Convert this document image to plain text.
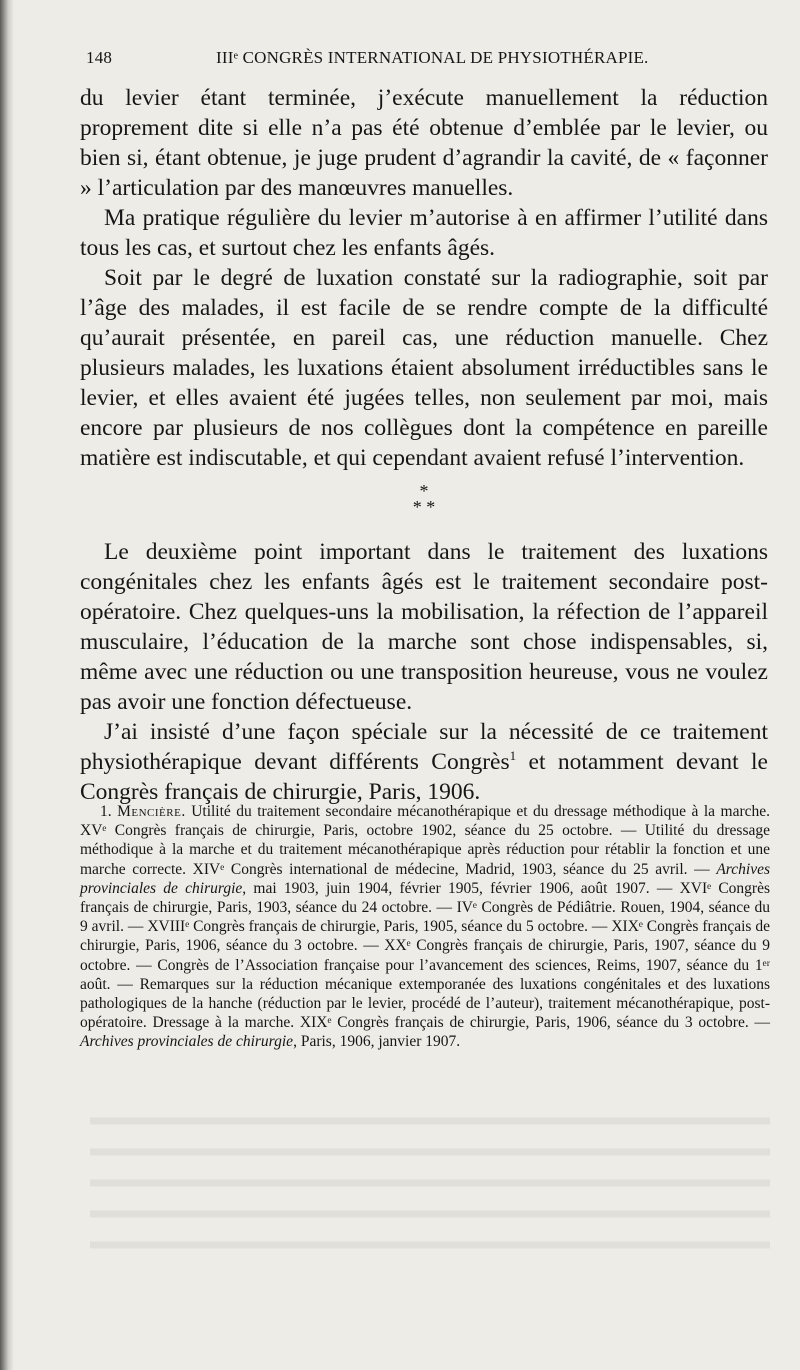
148	IIIᵉ CONGRÈS INTERNATIONAL DE PHYSIOTHÉRAPIE.

du levier étant terminée, j’exécute manuellement la réduction proprement dite si elle n’a pas été obtenue d’emblée par le levier, ou bien si, étant obtenue, je juge prudent d’agrandir la cavité, de « façonner » l’articulation par des manœuvres manuelles.

Ma pratique régulière du levier m’autorise à en affirmer l’utilité dans tous les cas, et surtout chez les enfants âgés.

Soit par le degré de luxation constaté sur la radiographie, soit par l’âge des malades, il est facile de se rendre compte de la difficulté qu’aurait présentée, en pareil cas, une réduction manuelle. Chez plusieurs malades, les luxations étaient absolument irréductibles sans le levier, et elles avaient été jugées telles, non seulement par moi, mais encore par plusieurs de nos collègues dont la compétence en pareille matière est indiscutable, et qui cependant avaient refusé l’intervention.

*
* *

Le deuxième point important dans le traitement des luxations congénitales chez les enfants âgés est le traitement secondaire post-opératoire. Chez quelques-uns la mobilisation, la réfection de l’appareil musculaire, l’éducation de la marche sont chose indispensables, si, même avec une réduction ou une transposition heureuse, vous ne voulez pas avoir une fonction défectueuse.

J’ai insisté d’une façon spéciale sur la nécessité de ce traitement physiothérapique devant différents Congrès$^1$ et notamment devant le Congrès français de chirurgie, Paris, 1906.

1. Mencière. Utilité du traitement secondaire mécanothérapique et du dressage méthodique à la marche. XVᵉ Congrès français de chirurgie, Paris, octobre 1902, séance du 25 octobre. — Utilité du dressage méthodique à la marche et du traitement mécanothérapique après réduction pour rétablir la fonction et une marche correcte. XIVᵉ Congrès international de médecine, Madrid, 1903, séance du 25 avril. — Archives provinciales de chirurgie, mai 1903, juin 1904, février 1905, février 1906, août 1907. — XVIᵉ Congrès français de chirurgie, Paris, 1903, séance du 24 octobre. — IVᵉ Congrès de Pédiâtrie. Rouen, 1904, séance du 9 avril. — XVIIIᵉ Congrès français de chirurgie, Paris, 1905, séance du 5 octobre. — XIXᵉ Congrès français de chirurgie, Paris, 1906, séance du 3 octobre. — XXᵉ Congrès français de chirurgie, Paris, 1907, séance du 9 octobre. — Congrès de l’Association française pour l’avancement des sciences, Reims, 1907, séance du 1ᵉʳ août. — Remarques sur la réduction mécanique extemporanée des luxations congénitales et des luxations pathologiques de la hanche (réduction par le levier, procédé de l’auteur), traitement mécanothérapique, post-opératoire. Dressage à la marche. XIXᵉ Congrès français de chirurgie, Paris, 1906, séance du 3 octobre. — Archives provinciales de chirurgie, Paris, 1906, janvier 1907.
